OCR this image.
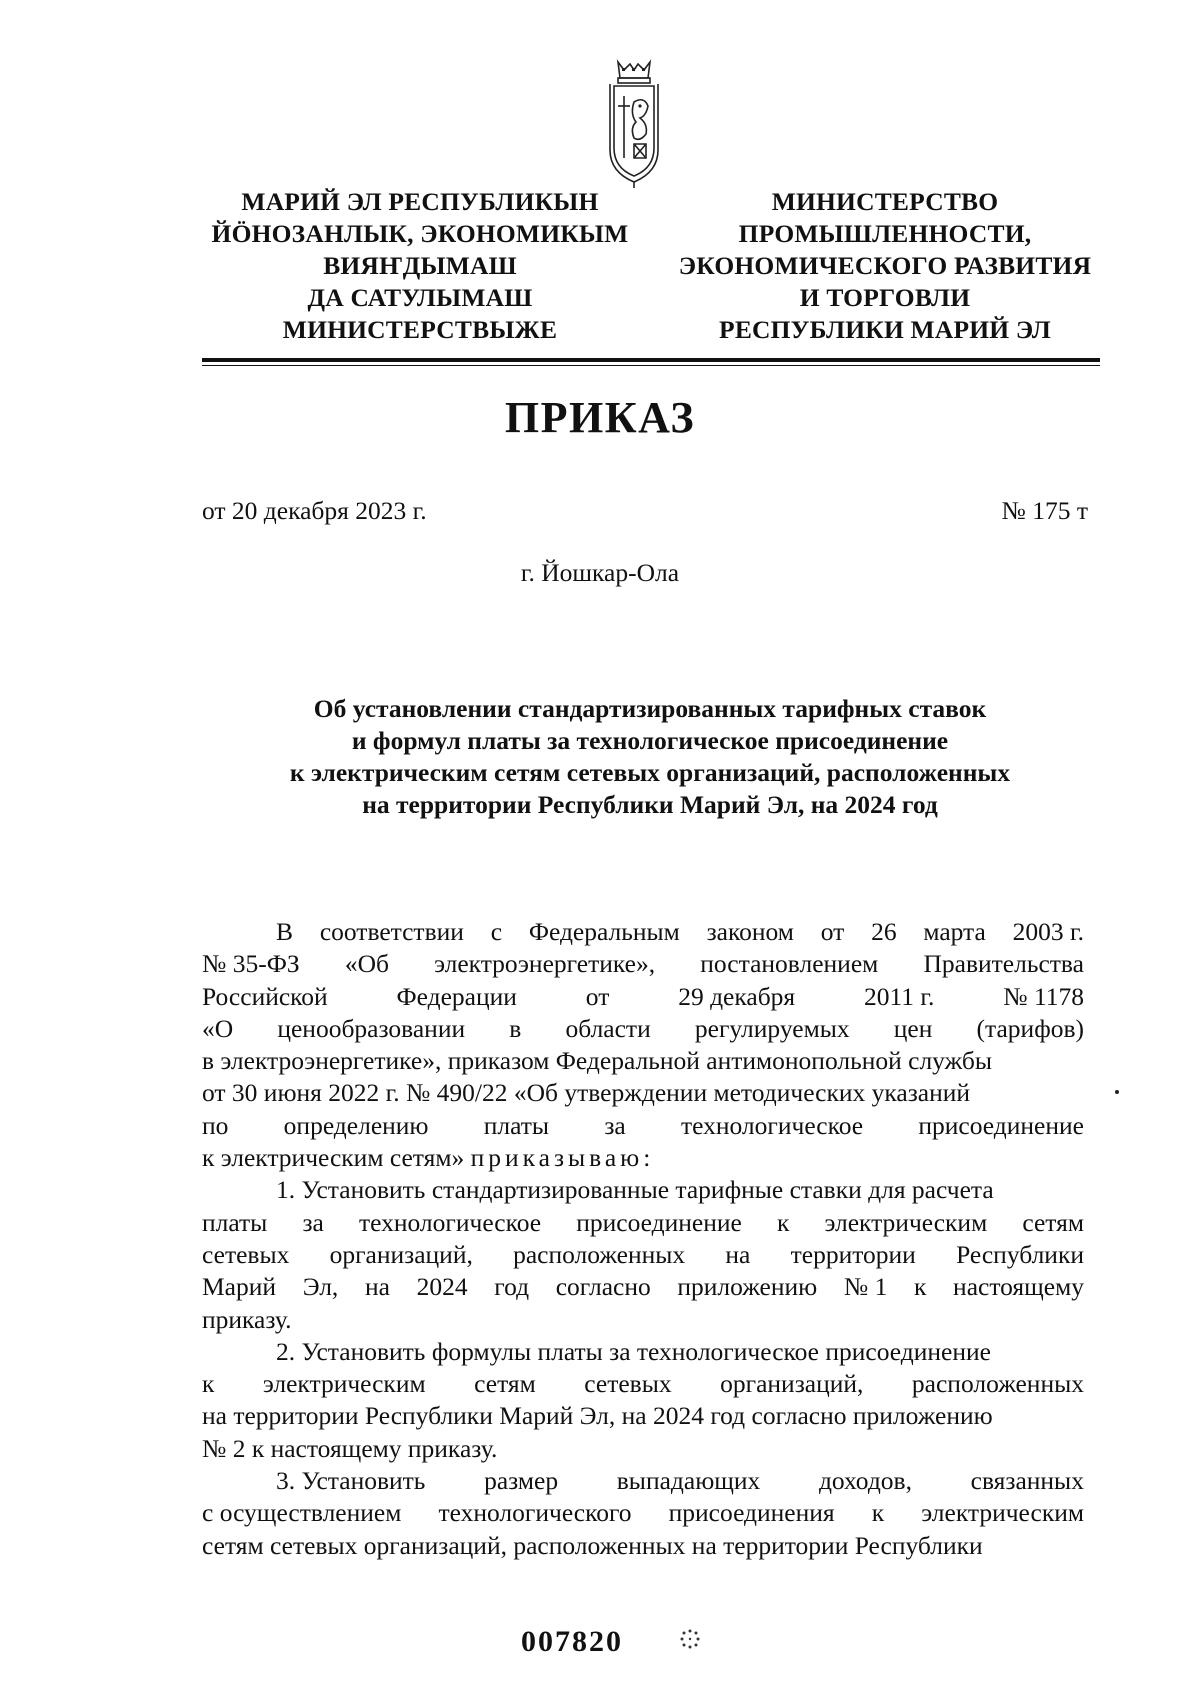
МАРИЙ ЭЛ РЕСПУБЛИКЫН
ЙӦНОЗАНЛЫК, ЭКОНОМИКЫМ
ВИЯҤДЫМАШ
ДА САТУЛЫМАШ
МИНИСТЕРСТВЫЖЕ
МИНИСТЕРСТВО
ПРОМЫШЛЕННОСТИ,
ЭКОНОМИЧЕСКОГО РАЗВИТИЯ
И ТОРГОВЛИ
РЕСПУБЛИКИ МАРИЙ ЭЛ
ПРИКАЗ
от 20 декабря 2023 г.	№ 175 т
г. Йошкар-Ола
Об установлении стандартизированных тарифных ставок
и формул платы за технологическое присоединение
к электрическим сетям сетевых организаций, расположенных
на территории Республики Марий Эл, на 2024 год
В соответствии с Федеральным законом от 26 марта 2003 г.
№ 35-ФЗ «Об электроэнергетике», постановлением Правительства
Российской	Федерации	от	29 декабря	2011 г.	№ 1178
«О ценообразовании в области регулируемых цен (тарифов)
в электроэнергетике», приказом Федеральной антимонопольной службы
от 30 июня 2022 г. № 490/22 «Об утверждении методических указаний
по определению платы за технологическое присоединение
к электрическим сетям»
приказываю:
1. Установить стандартизированные тарифные ставки для расчета
платы за технологическое присоединение к электрическим сетям
сетевых организаций, расположенных на территории Республики
Марий Эл, на 2024 год согласно приложению № 1 к настоящему
приказу.
2. Установить формулы платы за технологическое присоединение
к электрическим сетям сетевых организаций, расположенных
на территории Республики Марий Эл, на 2024 год согласно приложению
№ 2 к настоящему приказу.
3. Установить размер выпадающих доходов, связанных
с осуществлением технологического присоединения к электрическим
сетям сетевых организаций, расположенных на территории Республики
007820
